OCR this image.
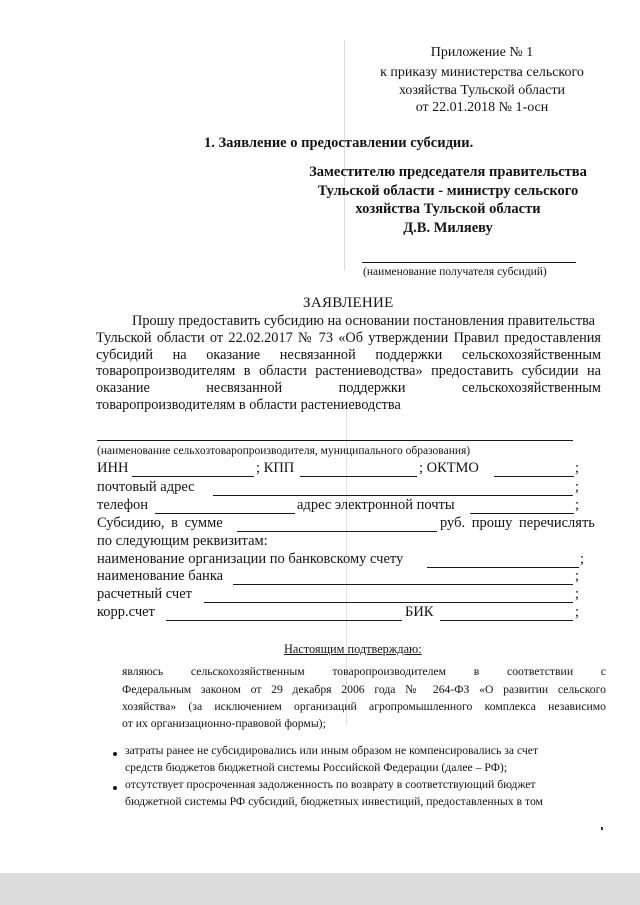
Приложение № 1
к приказу министерства сельского
хозяйства Тульской области
от 22.01.2018 № 1-осн
1. Заявление о предоставлении субсидии.
Заместителю председателя правительства
Тульской области - министру сельского
хозяйства Тульской области
Д.В. Миляеву
(наименование получателя субсидий)
ЗАЯВЛЕНИЕ
Прошу предоставить субсидию на основании постановления правительства
Тульской области от 22.02.2017 № 73 «Об утверждении Правил предоставления
субсидий на оказание несвязанной поддержки сельскохозяйственным
товаропроизводителям в области растениеводства» предоставить субсидии на
оказание	несвязанной	поддержки	сельскохозяйственным
товаропроизводителям в области растениеводства
(наименование сельхозтоваропроизводителя, муниципального образования)
ИНН	; КПП	; ОКТМО	;
почтовый адрес	;
телефон	адрес электронной почты	;
Субсидию, в сумме	руб. прошу перечислять
по следующим реквизитам:
наименование организации по банковскому счету	;
наименование банка	;
расчетный счет	;
корр.счет	БИК	;
Настоящим подтверждаю:
являюсь сельскохозяйственным товаропроизводителем в соответствии с
Федеральным законом от 29 декабря 2006 года № 264-ФЗ «О развитии сельского
хозяйства» (за исключением организаций агропромышленного комплекса независимо
от их организационно-правовой формы);
затраты ранее не субсидировались или иным образом не компенсировались за счет
средств бюджетов бюджетной системы Российской Федерации (далее – РФ);
отсутствует просроченная задолженность по возврату в соответствующий бюджет
бюджетной системы РФ субсидий, бюджетных инвестиций, предоставленных в том
